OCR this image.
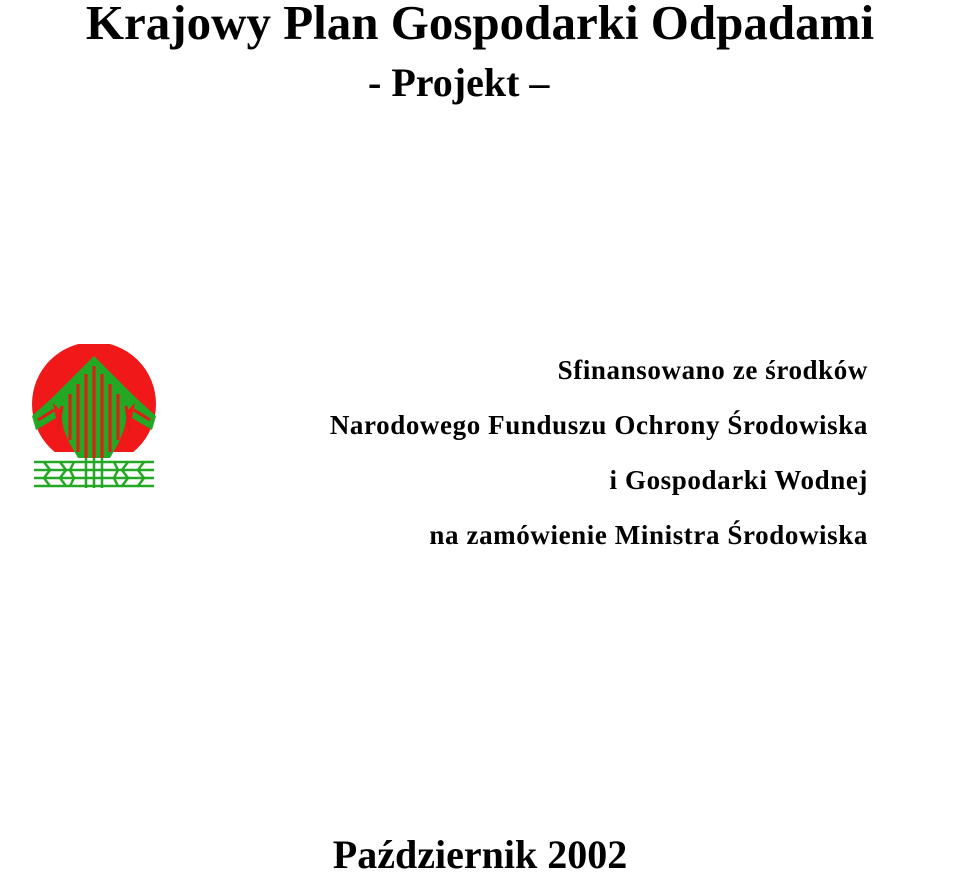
Krajowy Plan Gospodarki Odpadami
- Projekt –
Sfinansowano ze środków
Narodowego Funduszu Ochrony Środowiska
i Gospodarki Wodnej
na zamówienie Ministra Środowiska
Październik 2002
